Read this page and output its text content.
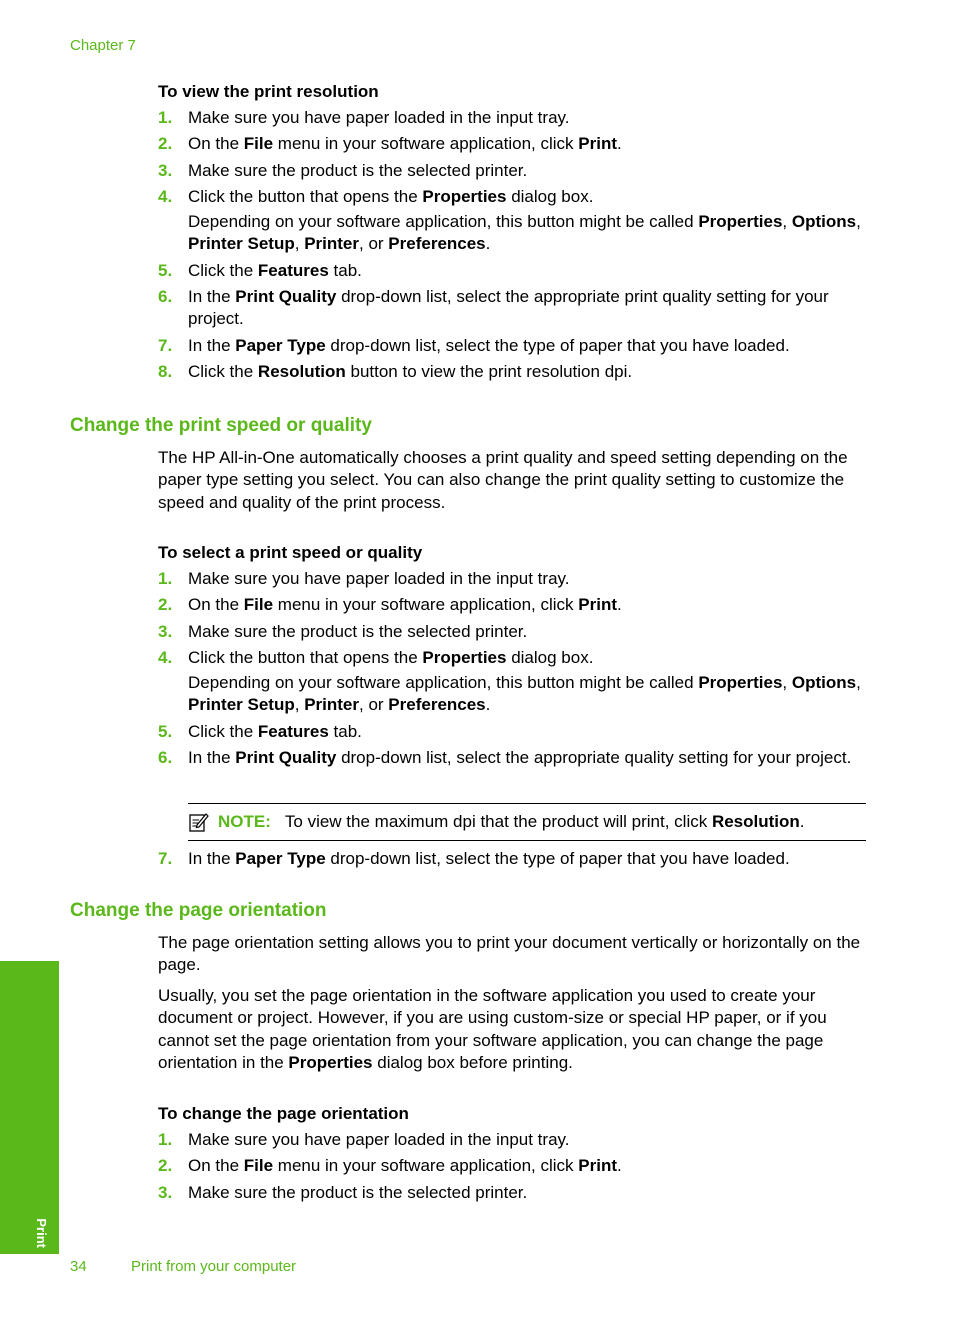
Chapter 7
To view the print resolution
1. Make sure you have paper loaded in the input tray.
2. On the File menu in your software application, click Print.
3. Make sure the product is the selected printer.
4. Click the button that opens the Properties dialog box.
Depending on your software application, this button might be called Properties, Options, Printer Setup, Printer, or Preferences.
5. Click the Features tab.
6. In the Print Quality drop-down list, select the appropriate print quality setting for your project.
7. In the Paper Type drop-down list, select the type of paper that you have loaded.
8. Click the Resolution button to view the print resolution dpi.
Change the print speed or quality
The HP All-in-One automatically chooses a print quality and speed setting depending on the paper type setting you select. You can also change the print quality setting to customize the speed and quality of the print process.
To select a print speed or quality
1. Make sure you have paper loaded in the input tray.
2. On the File menu in your software application, click Print.
3. Make sure the product is the selected printer.
4. Click the button that opens the Properties dialog box.
Depending on your software application, this button might be called Properties, Options, Printer Setup, Printer, or Preferences.
5. Click the Features tab.
6. In the Print Quality drop-down list, select the appropriate quality setting for your project.
NOTE: To view the maximum dpi that the product will print, click Resolution.
7. In the Paper Type drop-down list, select the type of paper that you have loaded.
Change the page orientation
The page orientation setting allows you to print your document vertically or horizontally on the page.
Usually, you set the page orientation in the software application you used to create your document or project. However, if you are using custom-size or special HP paper, or if you cannot set the page orientation from your software application, you can change the page orientation in the Properties dialog box before printing.
To change the page orientation
1. Make sure you have paper loaded in the input tray.
2. On the File menu in your software application, click Print.
3. Make sure the product is the selected printer.
Print
34	Print from your computer
